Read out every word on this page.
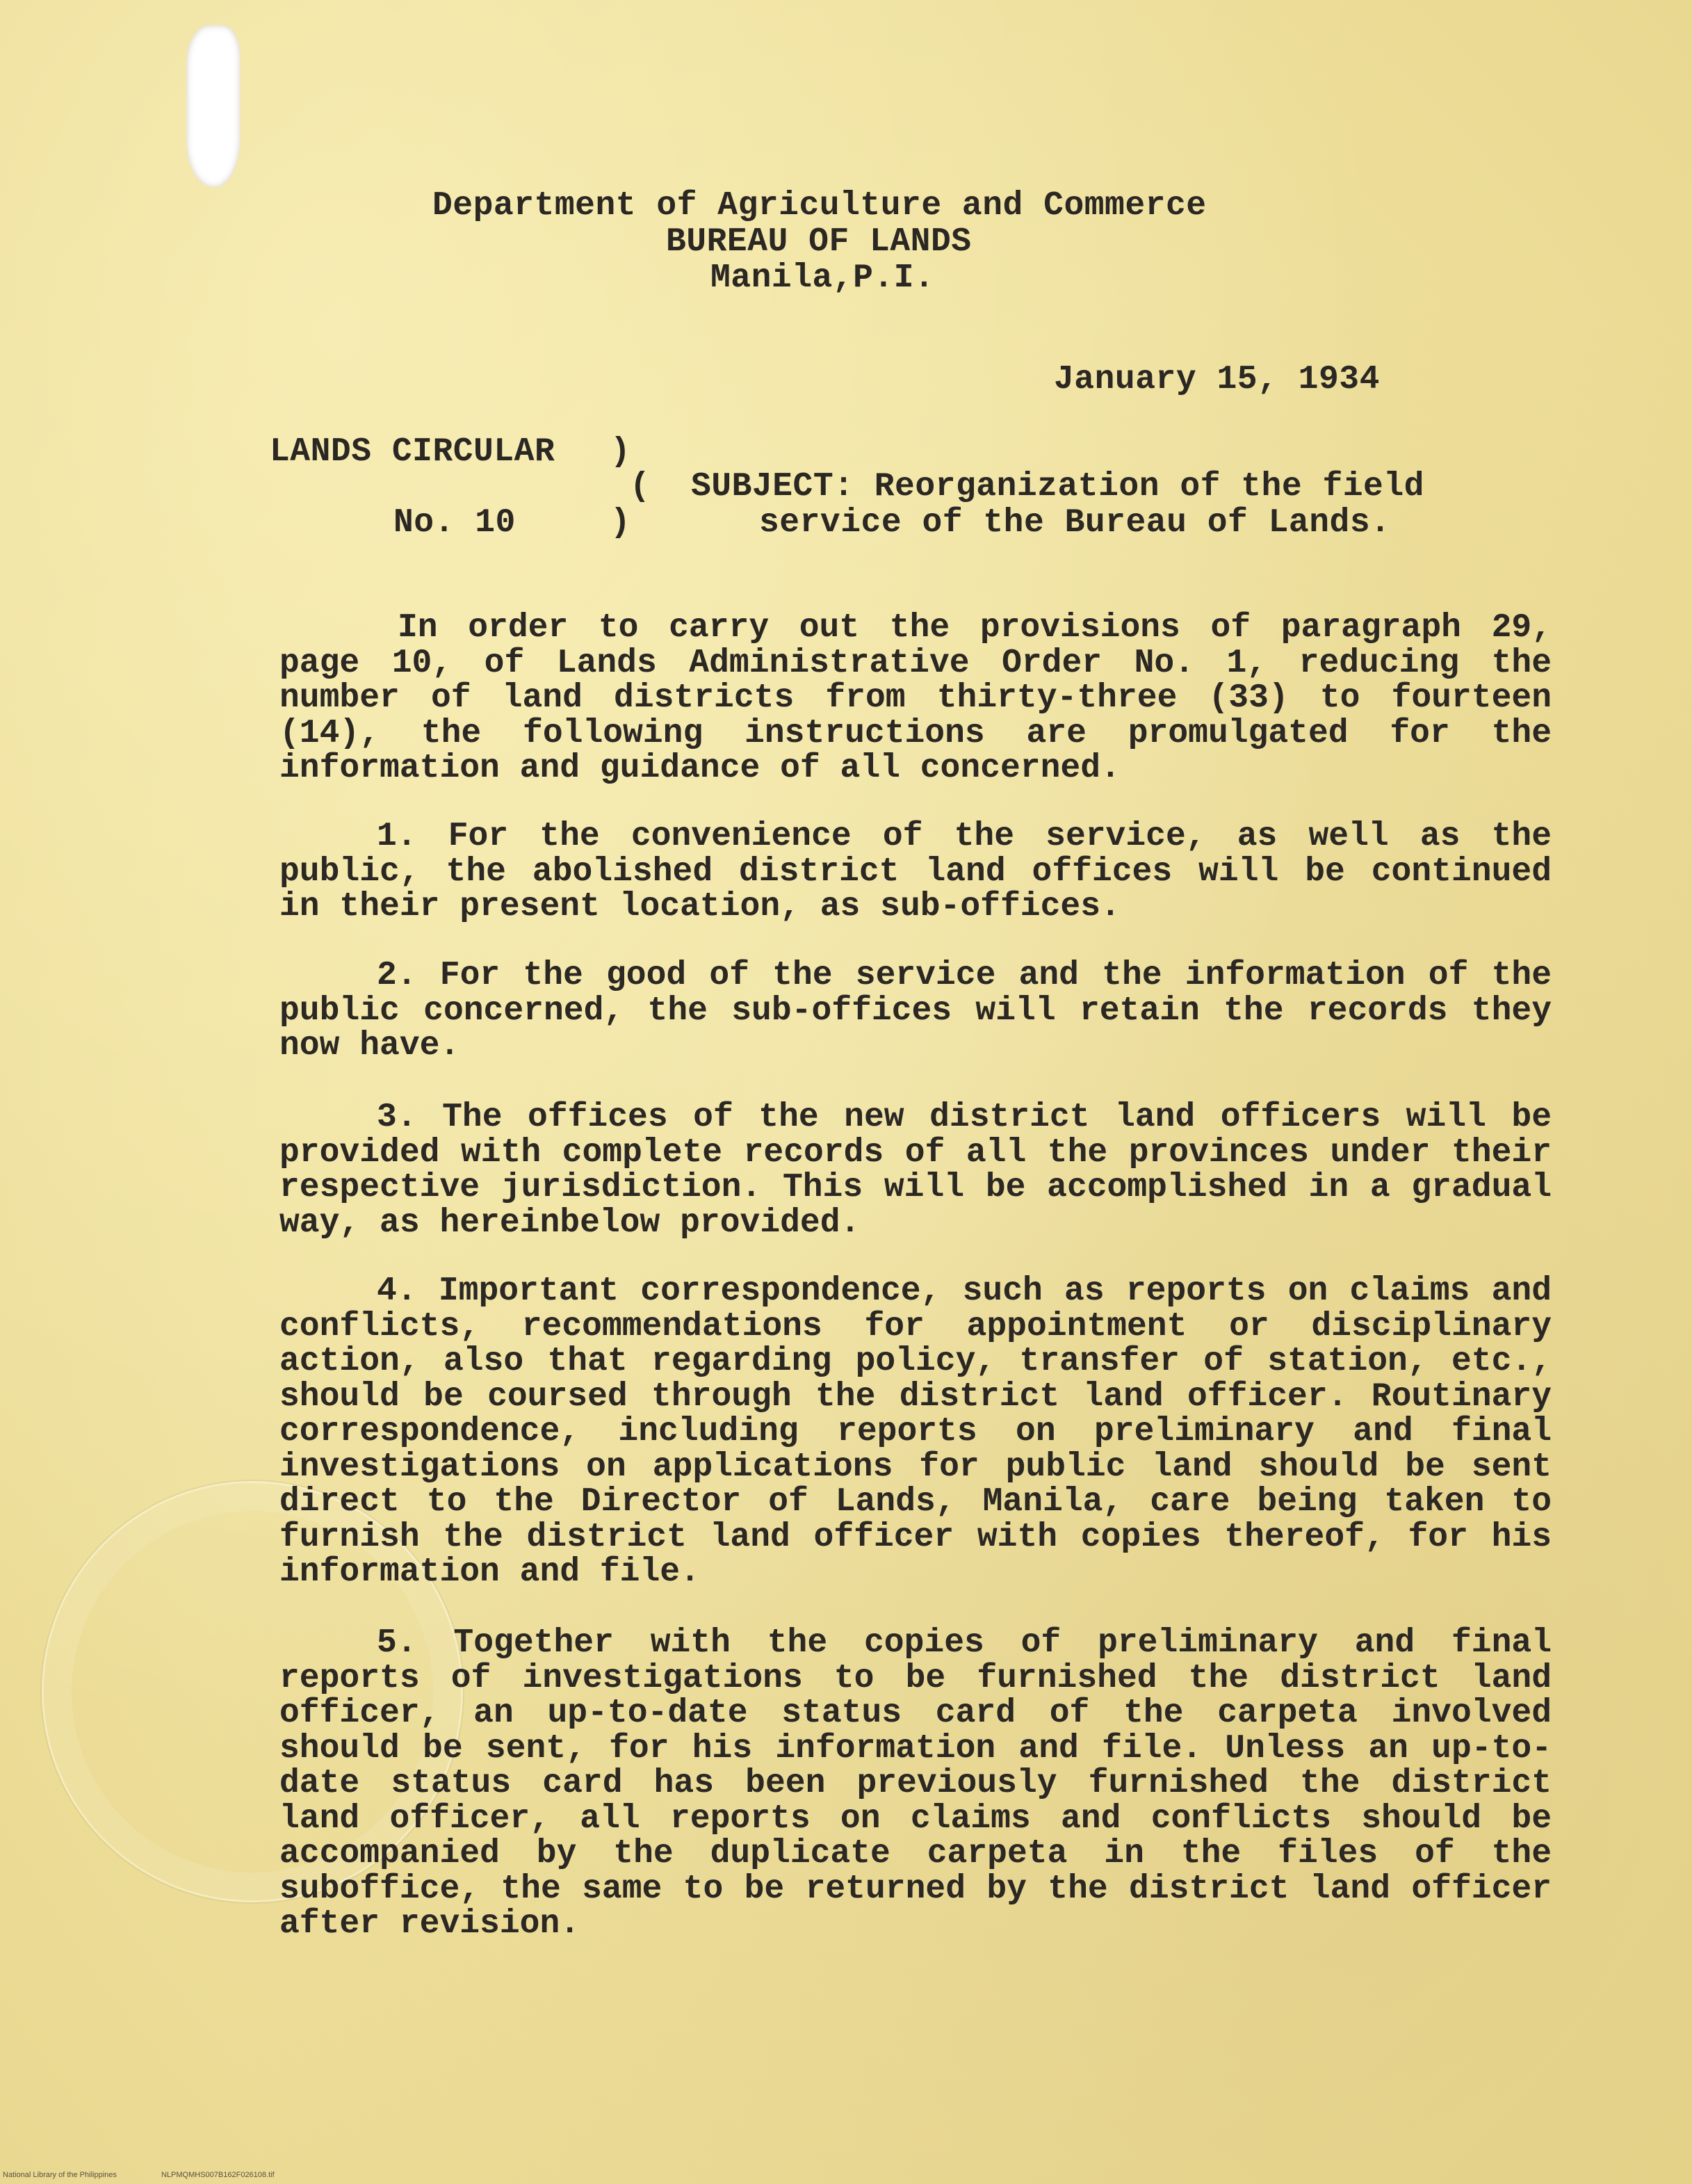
Department of Agriculture and Commerce
BUREAU OF LANDS
Manila,P.I.
January 15, 1934
LANDS CIRCULAR )
(
No. 10	)
SUBJECT: Reorganization of the field
service of the Bureau of Lands.
In order to carry out the provisions of paragraph 29, page 10, of Lands Administrative Order No. 1, reducing the number of land districts from thirty-three (33) to fourteen (14), the following instructions are promulgated for the information and guidance of all concerned.
1. For the convenience of the service, as well as the public, the abolished district land offices will be continued in their present location, as sub-offices.
2. For the good of the service and the information of the public concerned, the sub-offices will retain the records they now have.
3. The offices of the new district land officers will be provided with complete records of all the provinces under their respective jurisdiction. This will be accomplished in a gradual way, as hereinbelow provided.
4. Important correspondence, such as reports on claims and conflicts, recommendations for appointment or disciplinary action, also that regarding policy, transfer of station, etc., should be coursed through the district land officer. Routinary correspondence, including reports on preliminary and final investigations on applications for public land should be sent direct to the Director of Lands, Manila, care being taken to furnish the district land officer with copies thereof, for his information and file.
5. Together with the copies of preliminary and final reports of investigations to be furnished the district land officer, an up-to-date status card of the carpeta involved should be sent, for his information and file. Unless an up-to-date status card has been previously furnished the district land officer, all reports on claims and conflicts should be accompanied by the duplicate carpeta in the files of the suboffice, the same to be returned by the district land officer after revision.
National Library of the Philippines	NLPMQMHS007B162F026108.tif
